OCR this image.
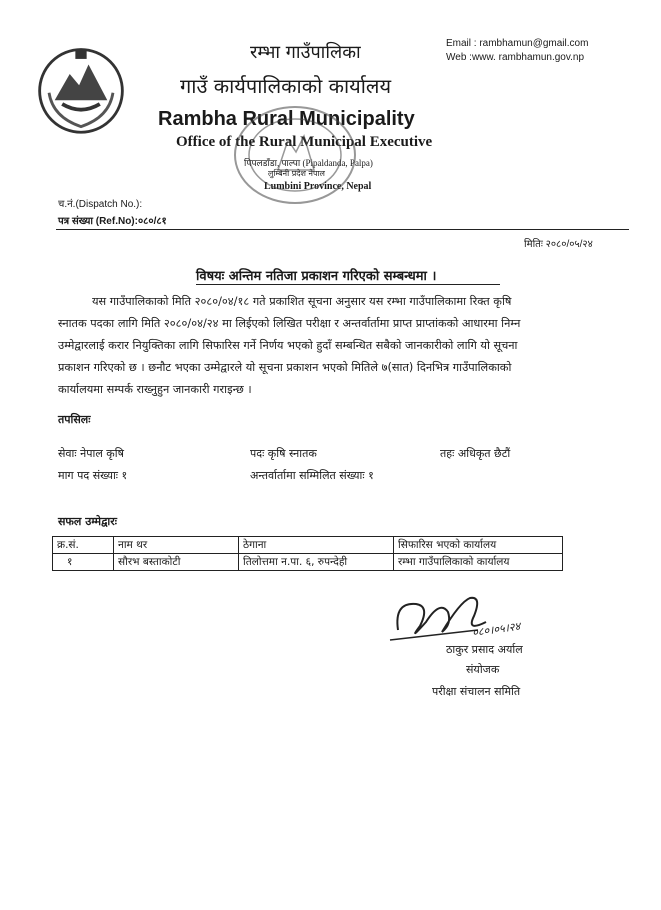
रम्भा गाउँपालिका
गाउँ कार्यपालिकाको कार्यालय
Rambha Rural Municipality
Office of the Rural Municipal Executive
पिपलडाँडा, पाल्पा (Pipaldanda, Palpa)
लुम्बिनी प्रदेश नेपाल
Lumbini Province, Nepal
Email : rambhamun@gmail.com
Web :www. rambhamun.gov.np
च.नं.(Dispatch No.):
पत्र संख्या (Ref.No):०८०/८१
मितिः २०८०/०५/२४
विषयः अन्तिम नतिजा प्रकाशन गरिएको सम्बन्धमा ।
यस गाउँपालिकाको मिति २०८०/०४/१८ गते प्रकाशित सूचना अनुसार यस रम्भा गाउँपालिकामा रिक्त कृषि
स्नातक पदका लागि मिति २०८०/०४/२४ मा लिईएको लिखित परीक्षा र अन्तर्वार्तामा प्राप्त प्राप्तांकको आधारमा निम्न
उम्मेद्वारलाई करार नियुक्तिका लागि सिफारिस गर्ने निर्णय भएको हुदाँ सम्बन्धित सबैको जानकारीको लागि यो सूचना
प्रकाशन गरिएको छ । छनौट भएका उम्मेद्वारले यो सूचना प्रकाशन भएको मितिले ७(सात) दिनभित्र गाउँपालिकाको
कार्यालयमा सम्पर्क राख्नुहुन जानकारी गराइन्छ ।
तपसिलः
सेवाः नेपाल कृषि	पदः कृषि स्नातक	तहः अधिकृत छैटौं
माग पद संख्याः १	अन्तर्वार्तामा सम्मिलित संख्याः १
सफल उम्मेद्वारः
क्र.सं.	नाम थर	ठेगाना	सिफारिस भएको कार्यालय
१	सौरभ बस्ताकोटी	तिलोत्तमा न.पा. ६, रुपन्देही	रम्भा गाउँपालिकाको कार्यालय
०८०।०५।२४
ठाकुर प्रसाद अर्याल
संयोजक
परीक्षा संचालन समिति
